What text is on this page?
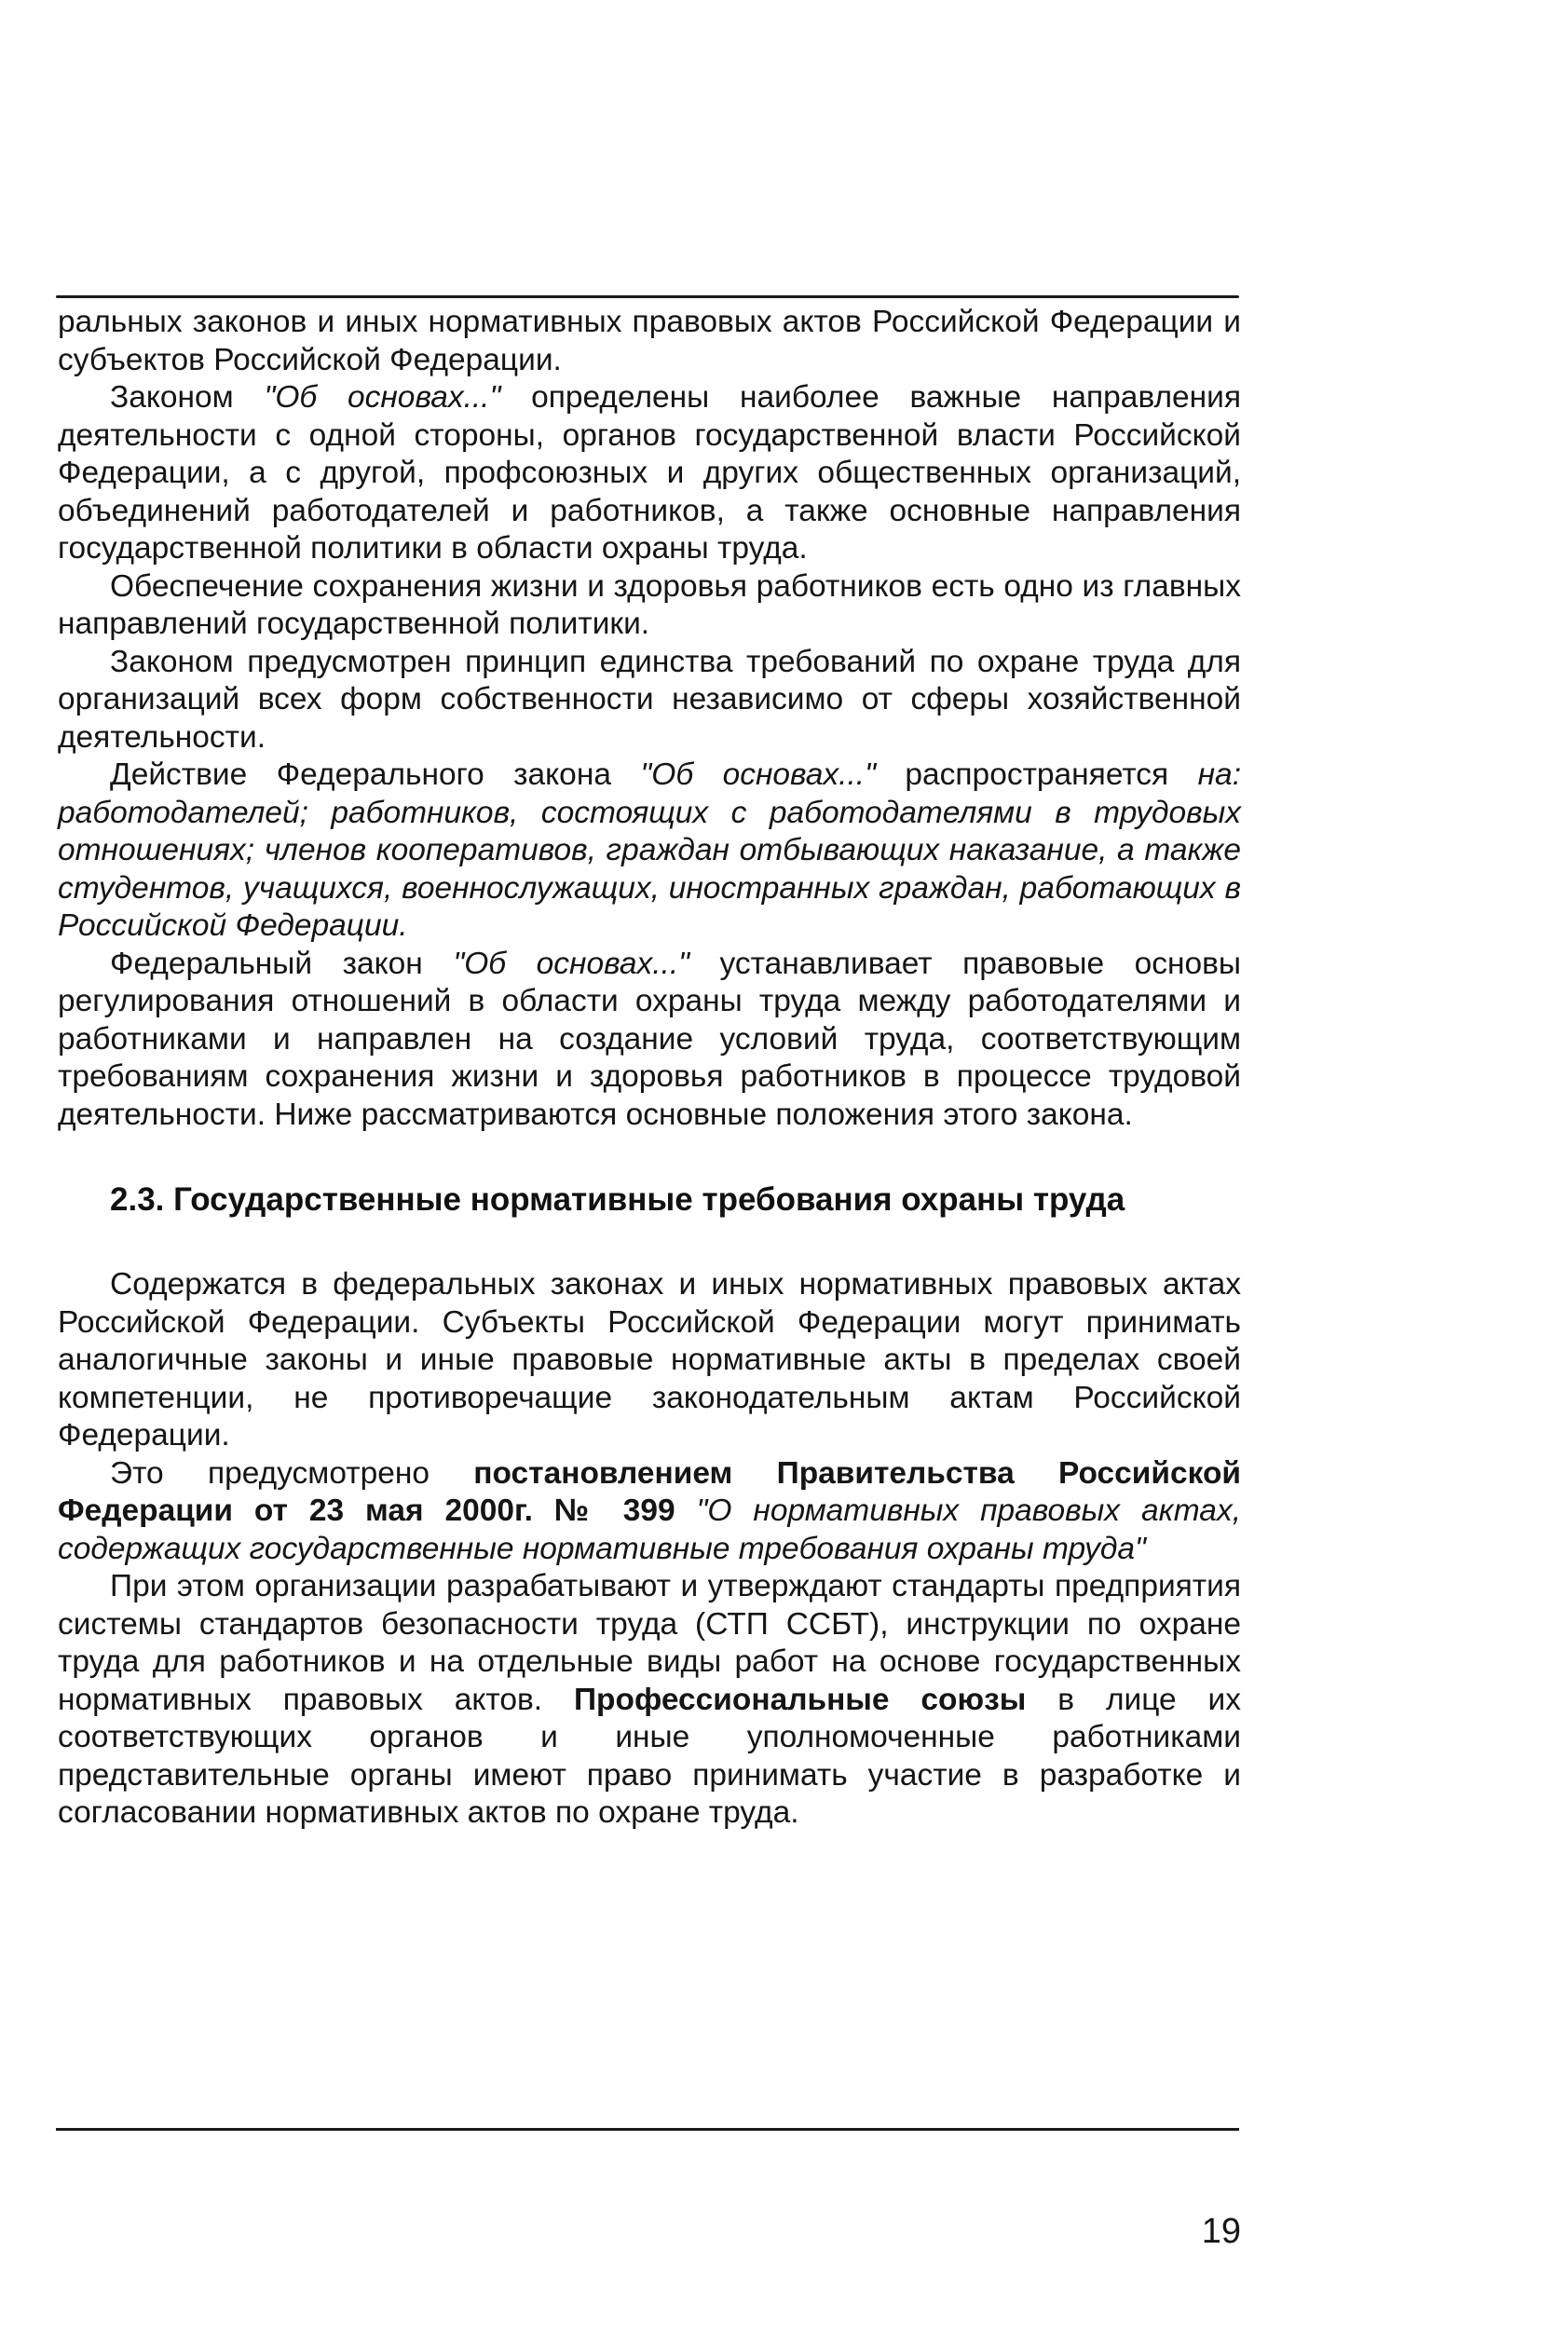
ральных законов и иных нормативных правовых актов Российской Федерации и субъектов Российской Федерации.

Законом "Об основах..." определены наиболее важные направления деятельности с одной стороны, органов государственной власти Российской Федерации, а с другой, профсоюзных и других общественных организаций, объединений работодателей и работников, а также основные направления государственной политики в области охраны труда.

Обеспечение сохранения жизни и здоровья работников есть одно из главных направлений государственной политики.

Законом предусмотрен принцип единства требований по охране труда для организаций всех форм собственности независимо от сферы хозяйственной деятельности.

Действие Федерального закона "Об основах..." распространяется на: работодателей; работников, состоящих с работодателями в трудовых отношениях; членов кооперативов, граждан отбывающих наказание, а также студентов, учащихся, военнослужащих, иностранных граждан, работающих в Российской Федерации.

Федеральный закон "Об основах..." устанавливает правовые основы регулирования отношений в области охраны труда между работодателями и работниками и направлен на создание условий труда, соответствующим требованиям сохранения жизни и здоровья работников в процессе трудовой деятельности. Ниже рассматриваются основные положения этого закона.

2.3. Государственные нормативные требования охраны труда

Содержатся в федеральных законах и иных нормативных правовых актах Российской Федерации. Субъекты Российской Федерации могут принимать аналогичные законы и иные правовые нормативные акты в пределах своей компетенции, не противоречащие законодательным актам Российской Федерации.

Это предусмотрено постановлением Правительства Российской Федерации от 23 мая 2000г. № 399 "О нормативных правовых актах, содержащих государственные нормативные требования охраны труда"

При этом организации разрабатывают и утверждают стандарты предприятия системы стандартов безопасности труда (СТП ССБТ), инструкции по охране труда для работников и на отдельные виды работ на основе государственных нормативных правовых актов. Профессиональные союзы в лице их соответствующих органов и иные уполномоченные работниками представительные органы имеют право принимать участие в разработке и согласовании нормативных актов по охране труда.

19
